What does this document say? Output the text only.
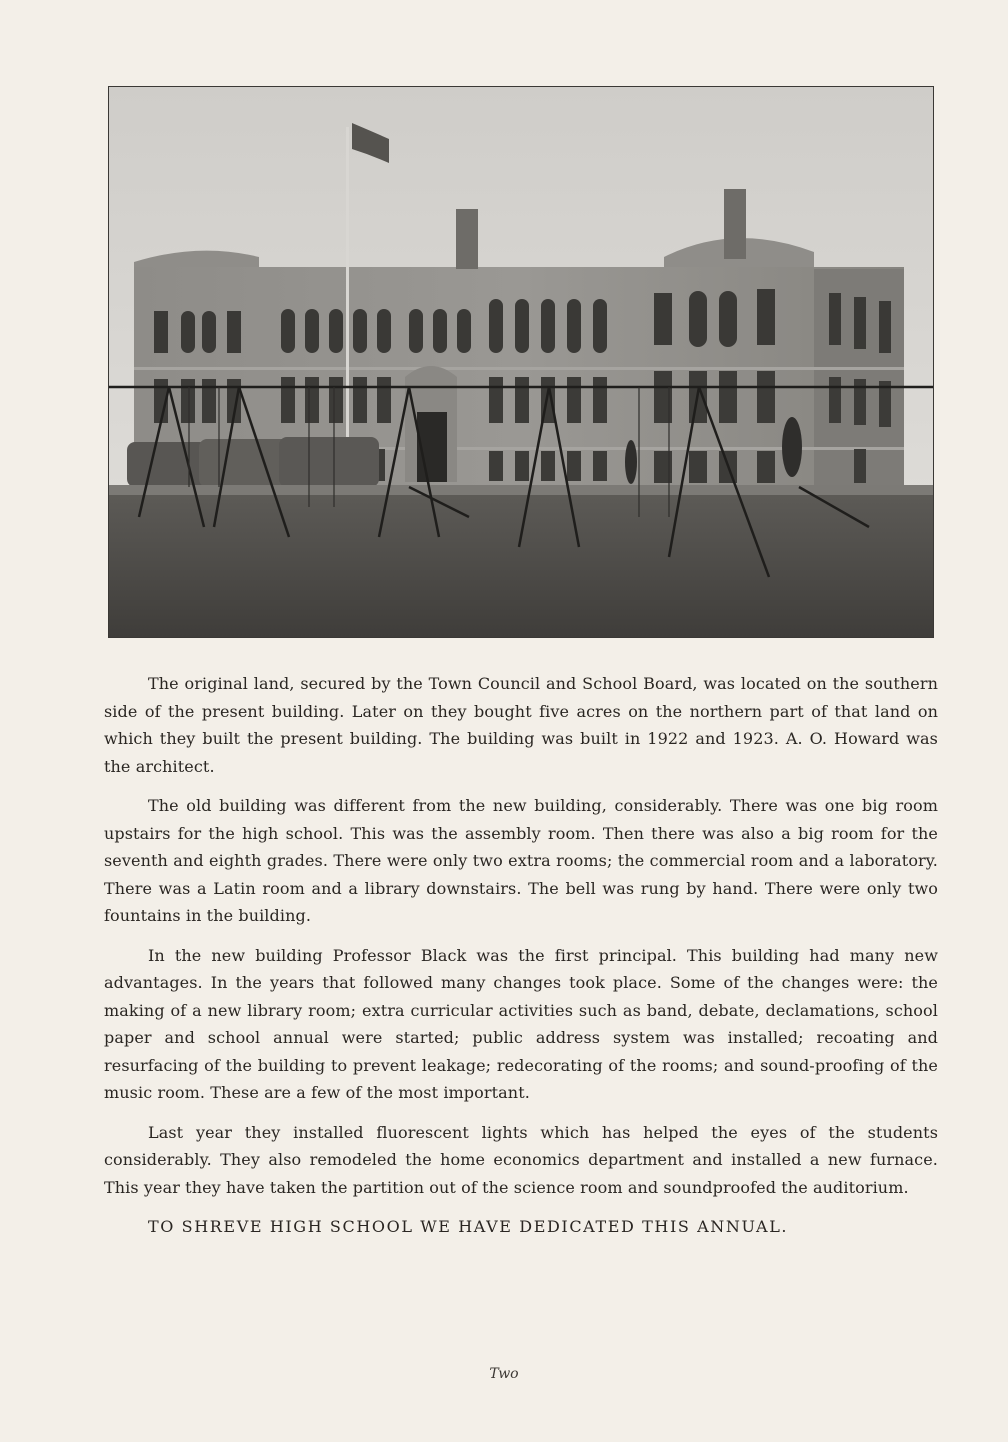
The original land, secured by the Town Council and School Board, was located on the southern side of the present building. Later on they bought five acres on the northern part of that land on which they built the present building. The building was built in 1922 and 1923. A. O. Howard was the architect.

The old building was different from the new building, considerably. There was one big room upstairs for the high school. This was the assembly room. Then there was also a big room for the seventh and eighth grades. There were only two extra rooms; the commercial room and a laboratory. There was a Latin room and a library downstairs. The bell was rung by hand. There were only two fountains in the building.

In the new building Professor Black was the first principal. This building had many new advantages. In the years that followed many changes took place. Some of the changes were: the making of a new library room; extra curricular activities such as band, debate, declamations, school paper and school annual were started; public address system was installed; recoating and resurfacing of the building to prevent leakage; redecorating of the rooms; and sound-proofing of the music room. These are a few of the most important.

Last year they installed fluorescent lights which has helped the eyes of the students considerably. They also remodeled the home economics department and installed a new furnace. This year they have taken the partition out of the science room and soundproofed the auditorium.

TO SHREVE HIGH SCHOOL WE HAVE DEDICATED THIS ANNUAL.
Two
